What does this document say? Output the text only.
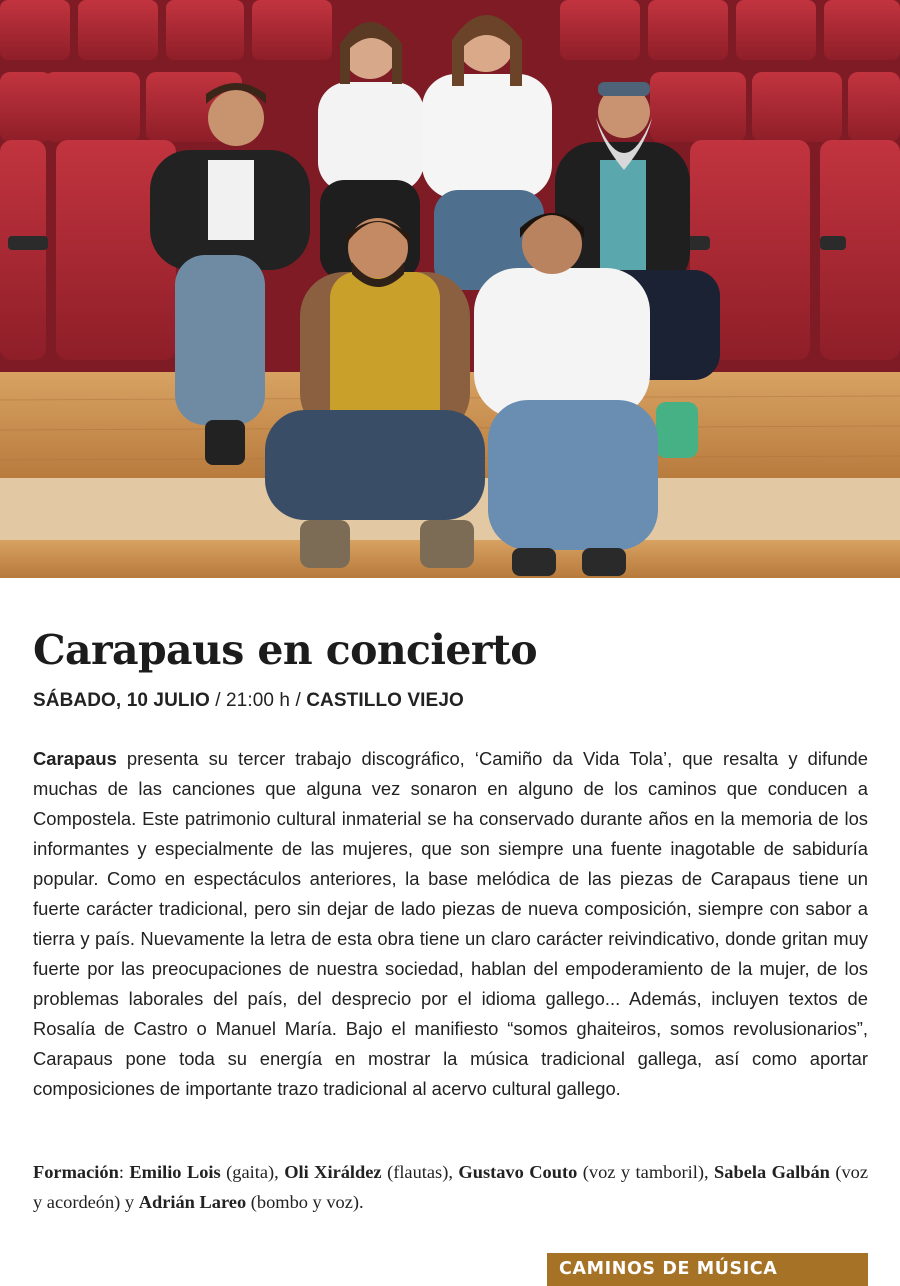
Carapaus en concierto

SÁBADO, 10 JULIO / 21:00 h / CASTILLO VIEJO

Carapaus presenta su tercer trabajo discográfico, ‘Camiño da Vida Tola’, que resalta y difunde muchas de las canciones que alguna vez sonaron en alguno de los caminos que conducen a Compostela. Este patrimonio cultural inmaterial se ha conservado durante años en la memoria de los informantes y especialmente de las mujeres, que son siempre una fuente inagotable de sabiduría popular. Como en espectáculos anteriores, la base melódica de las piezas de Carapaus tiene un fuerte carácter tradicional, pero sin dejar de lado piezas de nueva composición, siempre con sabor a tierra y país. Nuevamente la letra de esta obra tiene un claro carácter reivindicativo, donde gritan muy fuerte por las preocupaciones de nuestra sociedad, hablan del empoderamiento de la mujer, de los problemas laborales del país, del desprecio por el idioma gallego... Además, incluyen textos de Rosalía de Castro o Manuel María. Bajo el manifiesto “somos ghaiteiros, somos revolusionarios”, Carapaus pone toda su energía en mostrar la música tradicional gallega, así como aportar composiciones de importante trazo tradicional al acervo cultural gallego.

Formación: Emilio Lois (gaita), Oli Xiráldez (flautas), Gustavo Couto (voz y tamboril), Sabela Galbán (voz y acordeón) y Adrián Lareo (bombo y voz).

CAMINOS DE MÚSICA
